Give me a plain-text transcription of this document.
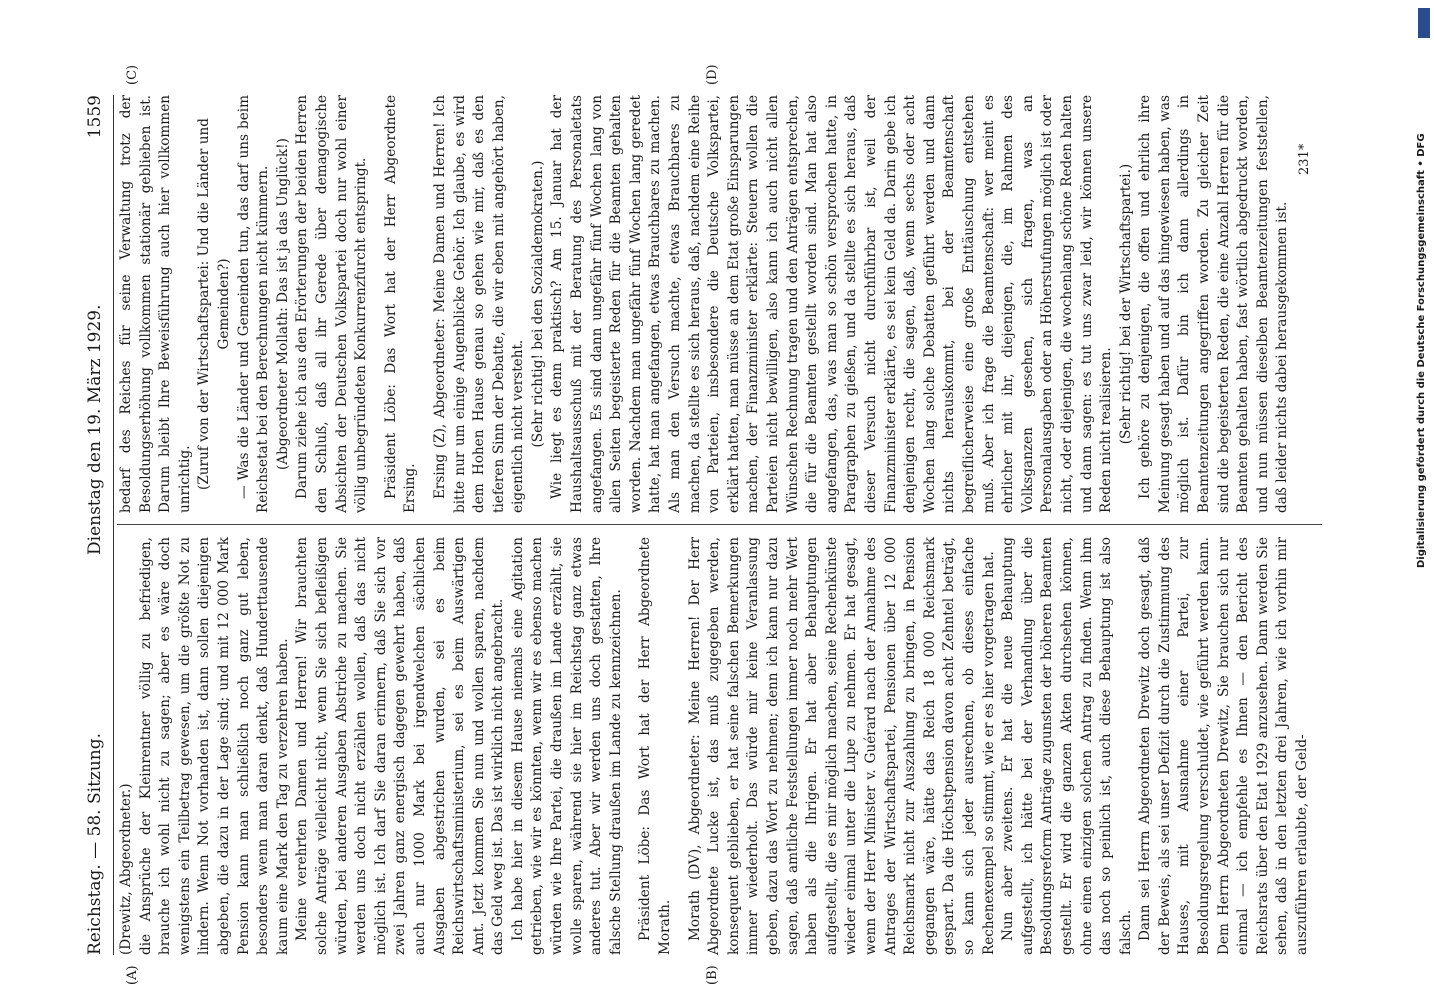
Reichstag. — 58. Sitzung.
Dienstag den 19. März 1929.
1559

(Drewitz, Abgeordneter.) die Ansprüche der Kleinrentner völlig zu befriedigen, brauche ich wohl nicht zu sagen; aber es wäre doch wenigstens ein Teilbetrag gewesen, um die größte Not zu lindern. Wenn Not vorhanden ist, dann sollen diejenigen abgeben, die dazu in der Lage sind; und mit 12 000 Mark Pension kann man schließlich noch ganz gut leben, besonders wenn man daran denkt, daß Hunderttausende kaum eine Mark den Tag zu verzehren haben. Meine verehrten Damen und Herren! Wir brauchten solche Anträge vielleicht nicht, wenn Sie sich befleißigen würden, bei anderen Ausgaben Abstriche zu machen. Sie werden uns doch nicht erzählen wollen, daß das nicht möglich ist. Ich darf Sie daran erinnern, daß Sie sich vor zwei Jahren ganz energisch dagegen gewehrt haben, daß auch nur 1000 Mark bei irgendwelchen sächlichen Ausgaben abgestrichen wurden, sei es beim Reichswirtschaftsministerium, sei es beim Auswärtigen Amt. Jetzt kommen Sie nun und wollen sparen, nachdem das Geld weg ist. Das ist wirklich nicht angebracht. Ich habe hier in diesem Hause niemals eine Agitation getrieben, wie wir es könnten, wenn wir es ebenso machen würden wie Ihre Partei, die draußen im Lande erzählt, sie wolle sparen, während sie hier im Reichstag ganz etwas anderes tut. Aber wir werden uns doch gestatten, Ihre falsche Stellung draußen im Lande zu kennzeichnen. Präsident Löbe: Das Wort hat der Herr Abgeordnete Morath. Morath (DV), Abgeordneter: Meine Herren! Der Herr Abgeordnete Lucke ist, das muß zugegeben werden, konsequent geblieben, er hat seine falschen Bemerkungen immer wiederholt. Das würde mir keine Veranlassung geben, dazu das Wort zu nehmen; denn ich kann nur dazu sagen, daß amtliche Feststellungen immer noch mehr Wert haben als die Ihrigen. Er hat aber Behauptungen aufgestellt, die es mir möglich machen, seine Rechenkünste wieder einmal unter die Lupe zu nehmen. Er hat gesagt, wenn der Herr Minister v. Guérard nach der Annahme des Antrages der Wirtschaftspartei, Pensionen über 12 000 Reichsmark nicht zur Auszahlung zu bringen, in Pension gegangen wäre, hätte das Reich 18 000 Reichsmark gespart. Da die Höchstpension davon acht Zehntel beträgt, so kann sich jeder ausrechnen, ob dieses einfache Rechenexempel so stimmt, wie er es hier vorgetragen hat. Nun aber zweitens. Er hat die neue Behauptung aufgestellt, ich hätte bei der Verhandlung über die Besoldungsreform Anträge zugunsten der höheren Beamten gestellt. Er wird die ganzen Akten durchsehen können, ohne einen einzigen solchen Antrag zu finden. Wenn ihm das noch so peinlich ist, auch diese Behauptung ist also falsch. Dann sei Herrn Abgeordneten Drewitz doch gesagt, daß der Beweis, als sei unser Defizit durch die Zustimmung des Hauses, mit Ausnahme einer Partei, zur Besoldungsregelung verschuldet, wie geführt werden kann. Dem Herrn Abgeordneten Drewitz, Sie brauchen sich nur einmal — ich empfehle es Ihnen — den Bericht des Reichsrats über den Etat 1929 anzusehen. Dann werden Sie sehen, daß in den letzten drei Jahren, wie ich vorhin mir auszuführen erlaubte, der Geld-

bedarf des Reiches für seine Verwaltung trotz der Besoldungserhöhung vollkommen stationär geblieben ist. Darum bleibt Ihre Beweisführung auch hier vollkommen unrichtig. (Zuruf von der Wirtschaftspartei: Und die Länder und Gemeinden?) — Was die Länder und Gemeinden tun, das darf uns beim Reichsetat bei den Berechnungen nicht kümmern. (Abgeordneter Mollath: Das ist ja das Unglück!) Darum ziehe ich aus den Erörterungen der beiden Herren den Schluß, daß all ihr Gerede über demagogische Absichten der Deutschen Volkspartei doch nur wohl einer völlig unbegründeten Konkurrenzfurcht entspringt. Präsident Löbe: Das Wort hat der Herr Abgeordnete Ersing. Ersing (Z), Abgeordneter: Meine Damen und Herren! Ich bitte nur um einige Augenblicke Gehör. Ich glaube, es wird dem Hohen Hause genau so gehen wie mir, daß es den tieferen Sinn der Debatte, die wir eben mit angehört haben, eigentlich nicht versteht. (Sehr richtig! bei den Sozialdemokraten.) Wie liegt es denn praktisch? Am 15. Januar hat der Haushaltsausschuß mit der Beratung des Personaletats angefangen. Es sind dann ungefähr fünf Wochen lang von allen Seiten begeisterte Reden für die Beamten gehalten worden. Nachdem man ungefähr fünf Wochen lang geredet hatte, hat man angefangen, etwas Brauchbares zu machen. Als man den Versuch machte, etwas Brauchbares zu machen, da stellte es sich heraus, daß, nachdem eine Reihe von Parteien, insbesondere die Deutsche Volkspartei, erklärt hatten, man müsse an dem Etat große Einsparungen machen, der Finanzminister erklärte: Steuern wollen die Parteien nicht bewilligen, also kann ich auch nicht allen Wünschen Rechnung tragen und den Anträgen entsprechen, die für die Beamten gestellt worden sind. Man hat also angefangen, das, was man so schön versprochen hatte, in Paragraphen zu gießen, und da stellte es sich heraus, daß dieser Versuch nicht durchführbar ist, weil der Finanzminister erklärte, es sei kein Geld da. Darin gebe ich denjenigen recht, die sagen, daß, wenn sechs oder acht Wochen lang solche Debatten geführt werden und dann nichts herauskommt, bei der Beamtenschaft begreiflicherweise eine große Enttäuschung entstehen muß. Aber ich frage die Beamtenschaft: wer meint es ehrlicher mit ihr, diejenigen, die, im Rahmen des Volksganzen gesehen, sich fragen, was an Personalausgaben oder an Höherstufungen möglich ist oder nicht, oder diejenigen, die wochenlang schöne Reden halten und dann sagen: es tut uns zwar leid, wir können unsere Reden nicht realisieren. (Sehr richtig! bei der Wirtschaftspartei.) Ich gehöre zu denjenigen, die offen und ehrlich ihre Meinung gesagt haben und auf das hingewiesen haben, was möglich ist. Dafür bin ich dann allerdings in Beamtenzeitungen angegriffen worden. Zu gleicher Zeit sind die begeisterten Reden, die eine Anzahl Herren für die Beamten gehalten haben, fast wörtlich abgedruckt worden, und nun müssen dieselben Beamtenzeitungen feststellen, daß leider nichts dabei herausgekommen ist.

(A)	(B)
(C)	(D)
231*	Digitalisierung gefördert durch die Deutsche Forschungsgemeinschaft • DFG
